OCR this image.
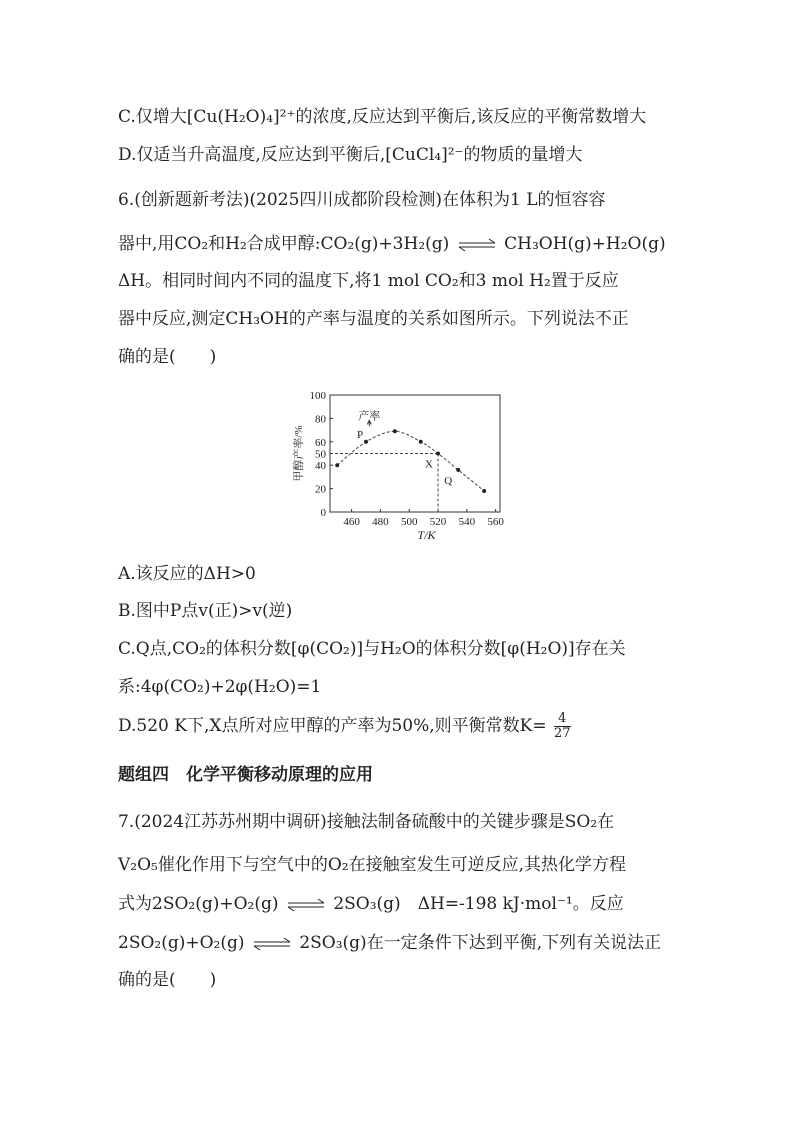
C.仅增大[Cu(H₂O)₄]²⁺的浓度,反应达到平衡后,该反应的平衡常数增大
D.仅适当升高温度,反应达到平衡后,[CuCl₄]²⁻的物质的量增大
6.(创新题新考法)(2025四川成都阶段检测)在体积为1 L的恒容容
器中,用CO₂和H₂合成甲醇:CO₂(g)+3H₂(g) ⇌ CH₃OH(g)+H₂O(g)
ΔH。相同时间内不同的温度下,将1 mol CO₂和3 mol H₂置于反应
器中反应,测定CH₃OH的产率与温度的关系如图所示。下列说法不正
确的是(　　)
0
20
40
50
60
80
100
460 480 500 520 540 560
T/K
甲醇产率/%	P
X
Q
产率
A.该反应的ΔH>0
B.图中P点v(正)>v(逆)
C.Q点,CO₂的体积分数[φ(CO₂)]与H₂O的体积分数[φ(H₂O)]存在关
系:4φ(CO₂)+2φ(H₂O)=1
D.520 K下,X点所对应甲醇的产率为50%,则平衡常数$K= \frac{4}{27}$
题组四　化学平衡移动原理的应用
7.(2024江苏苏州期中调研)接触法制备硫酸中的关键步骤是SO₂在
V₂O₅催化作用下与空气中的O₂在接触室发生可逆反应,其热化学方程
式为2SO₂(g)+O₂(g) ⇌ 2SO₃(g)　ΔH=-198 kJ·mol⁻¹。反应
2SO₂(g)+O₂(g) ⇌ 2SO₃(g)在一定条件下达到平衡,下列有关说法正
确的是(　　)
